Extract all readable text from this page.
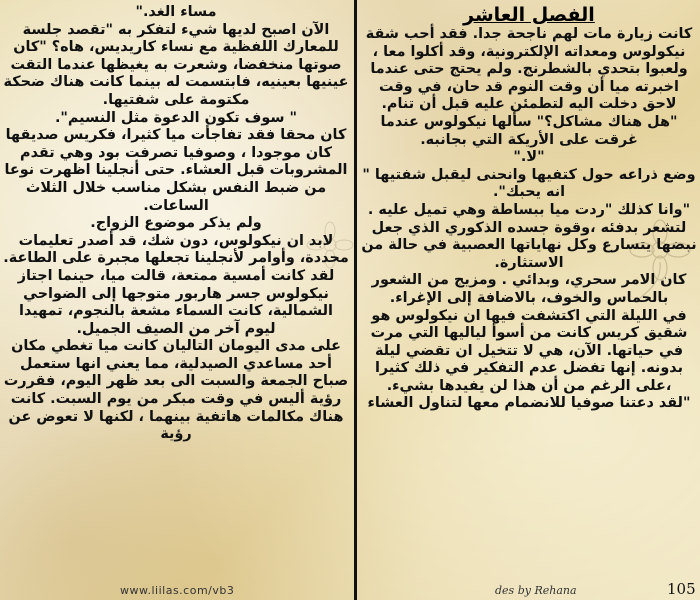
مساء الغد."

الآن اصبح لديها شيء لتفكر به "تقصد جلسة للمعارك اللفظية مع نساء كاريديس، هاه؟ "كان صوتها منخفضا، وشعرت به يغيظها عندما التقت عينيها بعينيه، فابتسمت له بينما كانت هناك ضحكة مكتومة على شفتيها.

" سوف تكون الدعوة مثل النسيم".

كان محقا فقد تفاجأت ميا كثيرا، فكريس صديقها كان موجودا ، وصوفيا تصرفت بود وهي تقدم المشروبات قبل العشاء. حتى أنجلينا اظهرت نوعا من ضبط النفس بشكل مناسب خلال الثلاث الساعات.

ولم يذكر موضوع الزواج.

لابد ان نيكولوس، دون شك، قد أصدر تعليمات محددة، وأوامر لأنجلينا تجعلها مجبرة على الطاعة.

لقد كانت أمسية ممتعة، قالت ميا، حينما اجتاز نيكولوس جسر هاربور متوجها إلى الضواحي الشمالية، كانت السماء مشعة بالنجوم، تمهيدا ليوم آخر من الصيف الجميل.

على مدى اليومان التاليان كانت ميا تغطي مكان أحد مساعدي الصيدلية، مما يعني انها ستعمل صباح الجمعة والسبت الى بعد ظهر اليوم، فقررت رؤية أليس في وقت مبكر من يوم السبت. كانت هناك مكالمات هاتفية بينهما ، لكنها لا تعوض عن رؤية

الفصل العاشر

كانت زيارة مات لهم ناجحة جدا. فقد أحب شقة نيكولوس ومعداته الإلكترونية، وقد أكلوا معا ، ولعبوا بتحدي بالشطرنج. ولم يحتج حتى عندما اخبرته ميا أن وقت النوم قد حان، في وقت لاحق دخلت اليه لتطمئن عليه قبل أن تنام.

"هل هناك مشاكل؟" سألها نيكولوس عندما غرقت على الأريكة التي بجانبه.

"لا."

وضع ذراعه حول كتفيها وانحنى ليقبل شفتيها " انه يحبك".

"وانا كذلك "ردت ميا ببساطة وهي تميل عليه . لتشعر بدفئه ،وقوة جسده الذكوري الذي جعل نبضها يتسارع وكل نهاياتها العصبية في حالة من الاستثارة.

كان الامر سحري، وبدائي . ومزيج من الشعور بالحماس والخوف، بالاضافة إلى الإغراء.

في الليلة التي اكتشفت فيها ان نيكولوس هو شقيق كريس كانت من أسوأ لياليها التي مرت في حياتها. الآن، هي لا تتخيل ان تقضي ليلة بدونه. إنها تفضل عدم التفكير في ذلك كثيرا ،على الرغم من أن هذا لن يفيدها بشيء.

"لقد دعتنا صوفيا للانضمام معها لتناول العشاء

www.liilas.com/vb3	des by Rehana	105
